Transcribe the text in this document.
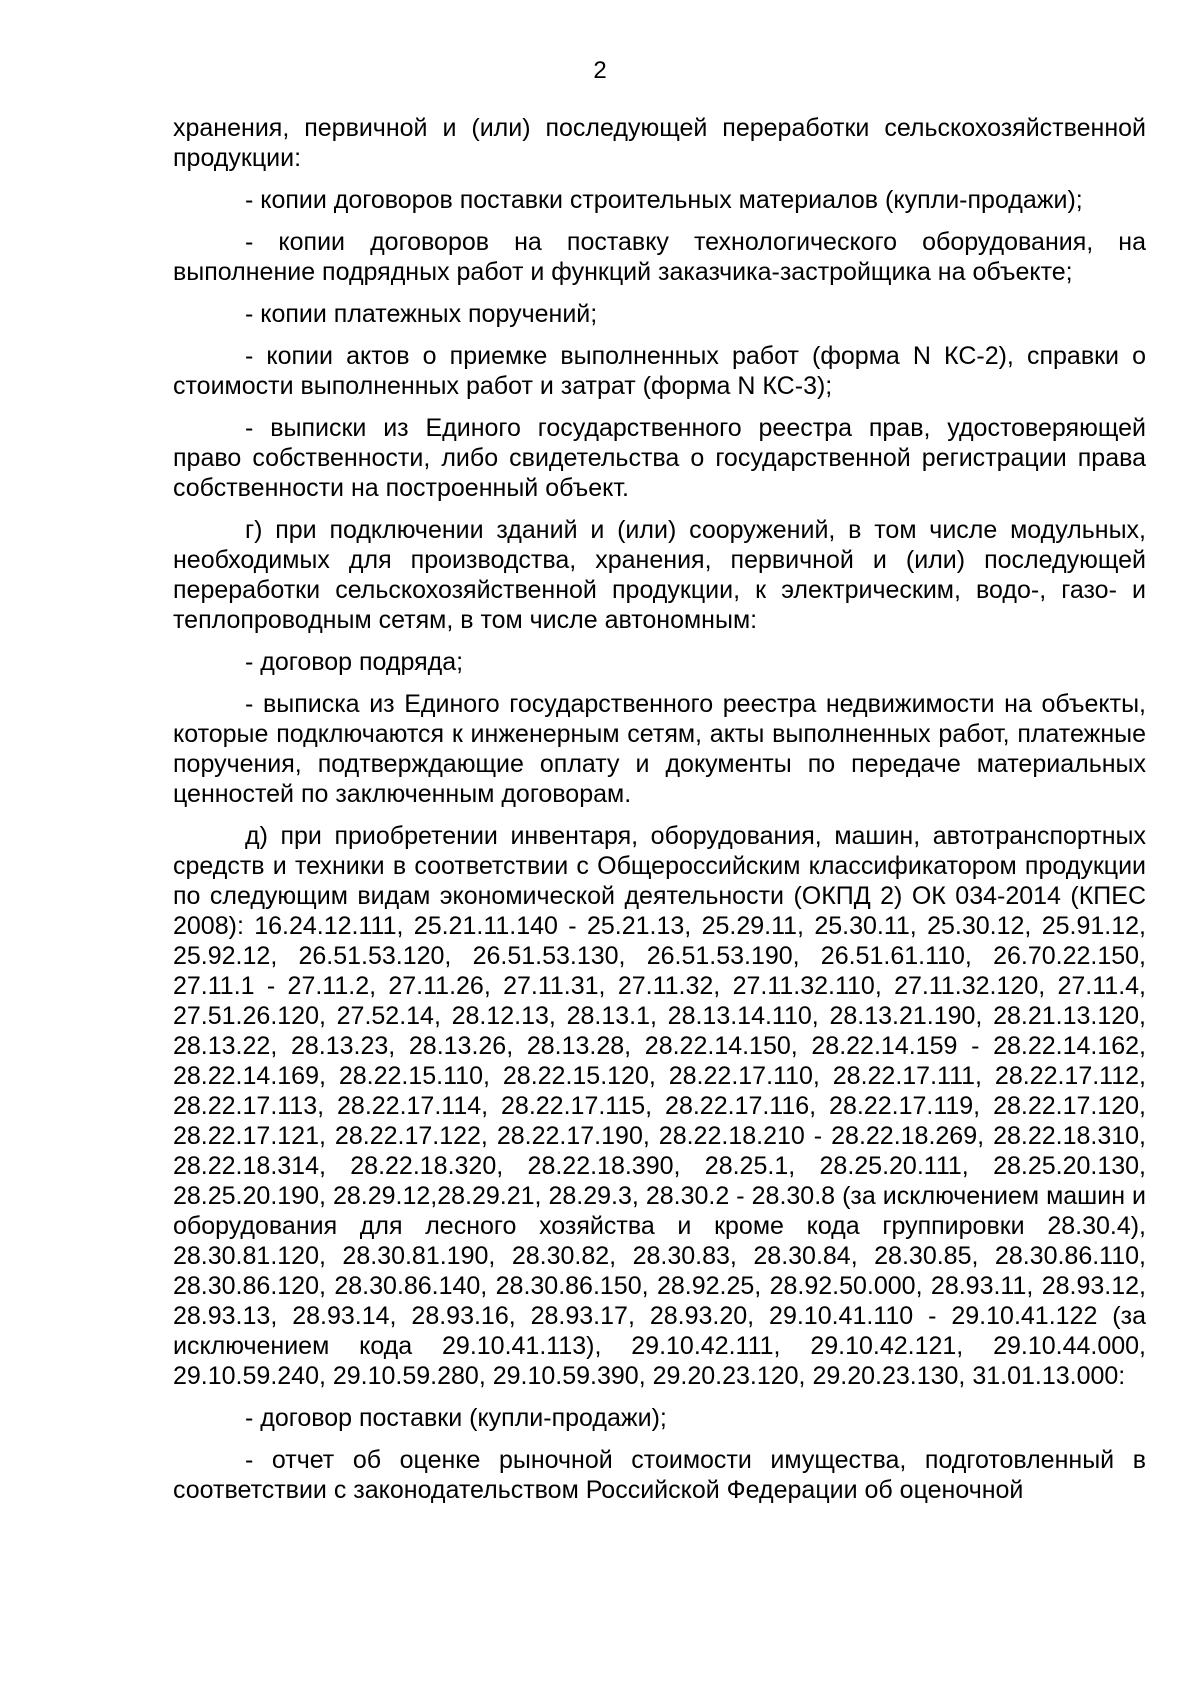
2

хранения, первичной и (или) последующей переработки сельскохозяйственной продукции:

- копии договоров поставки строительных материалов (купли-продажи);

- копии договоров на поставку технологического оборудования, на выполнение подрядных работ и функций заказчика-застройщика на объекте;

- копии платежных поручений;

- копии актов о приемке выполненных работ (форма N КС-2), справки о стоимости выполненных работ и затрат (форма N КС-3);

- выписки из Единого государственного реестра прав, удостоверяющей право собственности, либо свидетельства о государственной регистрации права собственности на построенный объект.

г) при подключении зданий и (или) сооружений, в том числе модульных, необходимых для производства, хранения, первичной и (или) последующей переработки сельскохозяйственной продукции, к электрическим, водо-, газо- и теплопроводным сетям, в том числе автономным:

- договор подряда;

- выписка из Единого государственного реестра недвижимости на объекты, которые подключаются к инженерным сетям, акты выполненных работ, платежные поручения, подтверждающие оплату и документы по передаче материальных ценностей по заключенным договорам.

д) при приобретении инвентаря, оборудования, машин, автотранспортных средств и техники в соответствии с Общероссийским классификатором продукции по следующим видам экономической деятельности (ОКПД 2) ОК 034-2014 (КПЕС 2008): 16.24.12.111, 25.21.11.140 - 25.21.13, 25.29.11, 25.30.11, 25.30.12, 25.91.12, 25.92.12, 26.51.53.120, 26.51.53.130, 26.51.53.190, 26.51.61.110, 26.70.22.150, 27.11.1 - 27.11.2, 27.11.26, 27.11.31, 27.11.32, 27.11.32.110, 27.11.32.120, 27.11.4, 27.51.26.120, 27.52.14, 28.12.13, 28.13.1, 28.13.14.110, 28.13.21.190, 28.21.13.120, 28.13.22, 28.13.23, 28.13.26, 28.13.28, 28.22.14.150, 28.22.14.159 - 28.22.14.162, 28.22.14.169, 28.22.15.110, 28.22.15.120, 28.22.17.110, 28.22.17.111, 28.22.17.112, 28.22.17.113, 28.22.17.114, 28.22.17.115, 28.22.17.116, 28.22.17.119, 28.22.17.120, 28.22.17.121, 28.22.17.122, 28.22.17.190, 28.22.18.210 - 28.22.18.269, 28.22.18.310, 28.22.18.314, 28.22.18.320, 28.22.18.390, 28.25.1, 28.25.20.111, 28.25.20.130, 28.25.20.190, 28.29.12,28.29.21, 28.29.3, 28.30.2 - 28.30.8 (за исключением машин и оборудования для лесного хозяйства и кроме кода группировки 28.30.4), 28.30.81.120, 28.30.81.190, 28.30.82, 28.30.83, 28.30.84, 28.30.85, 28.30.86.110, 28.30.86.120, 28.30.86.140, 28.30.86.150, 28.92.25, 28.92.50.000, 28.93.11, 28.93.12, 28.93.13, 28.93.14, 28.93.16, 28.93.17, 28.93.20, 29.10.41.110 - 29.10.41.122 (за исключением кода 29.10.41.113), 29.10.42.111, 29.10.42.121, 29.10.44.000, 29.10.59.240, 29.10.59.280, 29.10.59.390, 29.20.23.120, 29.20.23.130, 31.01.13.000:

- договор поставки (купли-продажи);

- отчет об оценке рыночной стоимости имущества, подготовленный в соответствии с законодательством Российской Федерации об оценочной
